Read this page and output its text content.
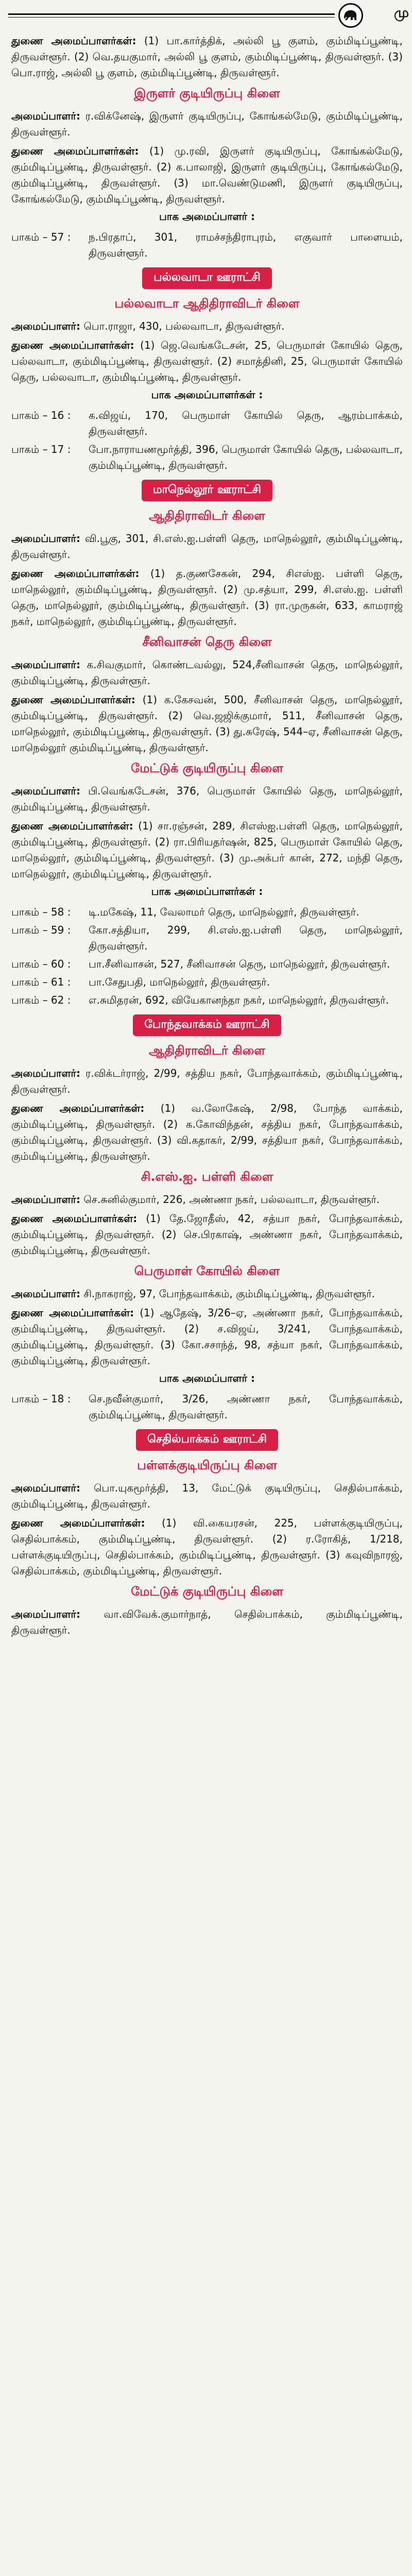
மு
துணை அமைப்பாளர்கள்: (1) பா.கார்த்திக், அல்லி பூ குளம், கும்மிடிப்பூண்டி, திருவள்ளூர். (2) வெ.தயகுமார், அல்லி பூ குளம், கும்மிடிப்பூண்டி, திருவள்ளூர். (3) பொ.ராஜ், அல்லி பூ குளம், கும்மிடிப்பூண்டி, திருவள்ளூர்.
இருளர் குடியிருப்பு கிளை
அமைப்பாளர்: ர.விக்னேஷ், இருளர் குடியிருப்பு, கோங்கல்மேடு, கும்மிடிப்பூண்டி, திருவள்ளூர்.
துணை அமைப்பாளர்கள்: (1) மு.ரவி, இருளர் குடியிருப்பு, கோங்கல்மேடு, கும்மிடிப்பூண்டி, திருவள்ளூர். (2) க.பாலாஜி, இருளர் குடியிருப்பு, கோங்கல்மேடு, கும்மிடிப்பூண்டி, திருவள்ளூர். (3) மா.வெண்டுமணி, இருளர் குடியிருப்பு, கோங்கல்மேடு, கும்மிடிப்பூண்டி, திருவள்ளூர்.
பாக அமைப்பாளர் :
பாகம் – 57 :	ந.பிரதாப், 301, ராமச்சந்திராபுரம், எகுவார் பாளையம், திருவள்ளூர்.
பல்லவாடா ஊராட்சி
பல்லவாடா ஆதிதிராவிடர் கிளை
அமைப்பாளர்: பொ.ராஜா, 430, பல்லவாடா, திருவள்ளூர்.
துணை அமைப்பாளர்கள்: (1) ஜெ.வெங்கடேசன், 25, பெருமாள் கோயில் தெரு, பல்லவாடா, கும்மிடிப்பூண்டி, திருவள்ளூர். (2) சமாத்தினி, 25, பெருமாள் கோயில் தெரு, பல்லவாடா, கும்மிடிப்பூண்டி, திருவள்ளூர்.
பாக அமைப்பாளர்கள் :
பாகம் – 16 :	க.விஜய், 170, பெருமாள் கோயில் தெரு, ஆரம்பாக்கம், திருவள்ளூர்.
பாகம் – 17 :	போ.நாராயணமூர்த்தி, 396, பெருமாள் கோயில் தெரு, பல்லவாடா, கும்மிடிப்பூண்டி, திருவள்ளூர்.
மாநெல்லூர் ஊராட்சி
ஆதிதிராவிடர் கிளை
அமைப்பாளர்: வி.பூகு, 301, சி.எஸ்.ஐ.பள்ளி தெரு, மாநெல்லூர், கும்மிடிப்பூண்டி, திருவள்ளூர்.
துணை அமைப்பாளர்கள்: (1) த.குணசேகன், 294, சிஎஸ்ஐ. பள்ளி தெரு, மாநெல்லூர், கும்மிடிப்பூண்டி, திருவள்ளூர். (2) மு.சத்யா, 299, சி.எஸ்.ஐ. பள்ளி தெரு, மாநெல்லூர், கும்மிடிப்பூண்டி, திருவள்ளூர். (3) ரா.முருகன், 633, காமராஜ் நகர், மாநெல்லூர், கும்மிடிப்பூண்டி, திருவள்ளூர்.
சீனிவாசன் தெரு கிளை
அமைப்பாளர்: க.சிவகுமார், கொண்டவல்லு, 524,சீனிவாசன் தெரு, மாநெல்லூர், கும்மிடிப்பூண்டி, திருவள்ளூர்.
துணை அமைப்பாளர்கள்: (1) க.கேசவன், 500, சீனிவாசன் தெரு, மாநெல்லூர், கும்மிடிப்பூண்டி, திருவள்ளூர். (2) வெ.ஜஜிக்குமார், 511, சீனிவாசன் தெரு, மாநெல்லூர், கும்மிடிப்பூண்டி, திருவள்ளூர். (3) து.சுரேஷ், 544–ஏ, சீனிவாசன் தெரு, மாநெல்லூர் கும்மிடிப்பூண்டி, திருவள்ளூர்.
மேட்டுக் குடியிருப்பு கிளை
அமைப்பாளர்: பி.வெங்கடேசன், 376, பெருமாள் கோயில் தெரு, மாநெல்லூர், கும்மிடிப்பூண்டி, திருவள்ளூர்.
துணை அமைப்பாளர்கள்: (1) சா.ரஞ்சன், 289, சிஎஸ்ஐ.பள்ளி தெரு, மாநெல்லூர், கும்மிடிப்பூண்டி, திருவள்ளூர். (2) ரா.பிரியதர்ஷன், 825, பெருமாள் கோயில் தெரு, மாநெல்லூர், கும்மிடிப்பூண்டி, திருவள்ளூர். (3) மு.அக்பர் கான், 272, மந்தி தெரு, மாநெல்லூர், கும்மிடிப்பூண்டி, திருவள்ளூர்.
பாக அமைப்பாளர்கள் :
பாகம் – 58 :	டி.மகேஷ், 11, வேலாமர் தெரு, மாநெல்லூர், திருவள்ளூர்.
பாகம் – 59 :	கோ.சத்தியா, 299, சி.எஸ்.ஐ.பள்ளி தெரு, மாநெல்லூர், திருவள்ளூர்.
பாகம் – 60 :	பா.சீனிவாசன், 527, சீனிவாசன் தெரு, மாநெல்லூர், திருவள்ளூர்.
பாகம் – 61 :	பா.சேதுபதி, மாநெல்லூர், திருவள்ளூர்.
பாகம் – 62 :	எ.சுமிதரன், 692, வியேகானந்தா நகர், மாநெல்லூர், திருவள்ளூர்.
போந்தவாக்கம் ஊராட்சி
ஆதிதிராவிடர் கிளை
அமைப்பாளர்: ர.விக்டர்ராஜ், 2/99, சத்திய நகர், போந்தவாக்கம், கும்மிடிப்பூண்டி, திருவள்ளூர்.
துணை அமைப்பாளர்கள்: (1) வ.லோகேஷ், 2/98, போந்த வாக்கம், கும்மிடிப்பூண்டி, திருவள்ளூர். (2) க.கோவிந்தன், சத்திய நகர், போந்தவாக்கம், கும்மிடிப்பூண்டி, திருவள்ளூர். (3) வி.கதாகர், 2/99, சத்தியா நகர், போந்தவாக்கம், கும்மிடிப்பூண்டி, திருவள்ளூர்.
சி.எஸ்.ஐ. பள்ளி கிளை
அமைப்பாளர்: செ.சுனில்குமார், 226, அண்ணா நகர், பல்லவாடா, திருவள்ளூர்.
துணை அமைப்பாளர்கள்: (1) தே.ஜோதீஸ், 42, சத்யா நகர், போந்தவாக்கம், கும்மிடிப்பூண்டி, திருவள்ளூர். (2) செ.பிரகாஷ், அண்ணா நகர், போந்தவாக்கம், கும்மிடிப்பூண்டி, திருவள்ளூர்.
பெருமாள் கோயில் கிளை
அமைப்பாளர்: சி.நாகராஜ், 97, போந்தவாக்கம், கும்மிடிப்பூண்டி, திருவள்ளூர்.
துணை அமைப்பாளர்கள்: (1) ஆதேஷ், 3/26–ஏ, அண்ணா நகர், போந்தவாக்கம், கும்மிடிப்பூண்டி, திருவள்ளூர். (2) ச.விஜய், 3/241, போந்தவாக்கம், கும்மிடிப்பூண்டி, திருவள்ளூர். (3) கோ.சசாந்த், 98, சத்யா நகர், போந்தவாக்கம், கும்மிடிப்பூண்டி, திருவள்ளூர்.
பாக அமைப்பாளர் :
பாகம் – 18 :	செ.நவீன்குமார், 3/26, அண்ணா நகர், போந்தவாக்கம், கும்மிடிப்பூண்டி, திருவள்ளூர்.
செதில்பாக்கம் ஊராட்சி
பள்ளக்குடியிருப்பு கிளை
அமைப்பாளர்: பொ.யுகமூர்த்தி, 13, மேட்டுக் குடியிருப்பு, செதில்பாக்கம், கும்மிடிப்பூண்டி, திருவள்ளூர்.
துணை அமைப்பாளர்கள்: (1) வி.கையரசன், 225, பள்ளக்குடியிருப்பு, செதில்பாக்கம், கும்மிடிப்பூண்டி, திருவள்ளூர். (2) ர.ரோகித், 1/218, பள்ளக்குடியிருப்பு, செதில்பாக்கம், கும்மிடிப்பூண்டி, திருவள்ளூர். (3) கவுவிநாரஜ், செதில்பாக்கம், கும்மிடிப்பூண்டி, திருவள்ளூர்.
மேட்டுக் குடியிருப்பு கிளை
அமைப்பாளர்: வா.விவேக்.குமார்நாத், செதில்பாக்கம், கும்மிடிப்பூண்டி, திருவள்ளூர்.
